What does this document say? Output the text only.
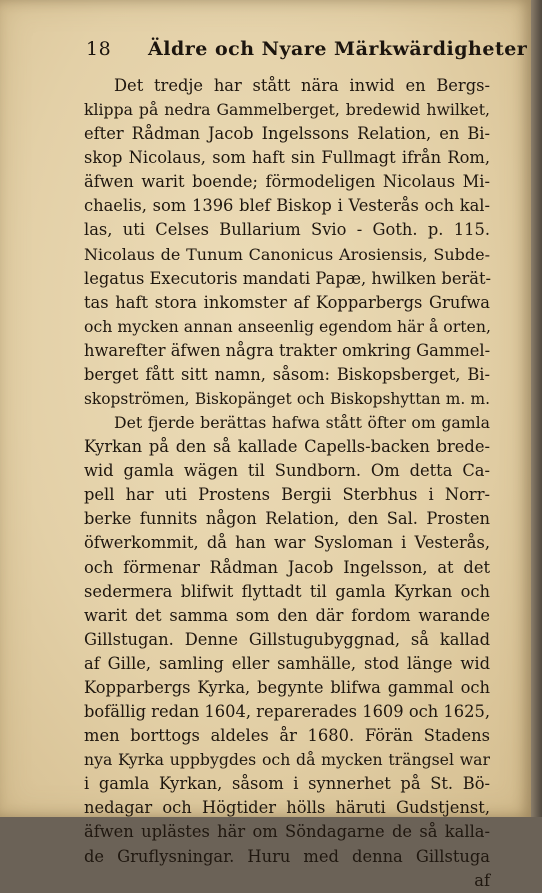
18 Äldre och Nyare Märkwärdigheter
Det tredje har stått nära inwid en Bergs-
klippa på nedra Gammelberget, bredewid hwilket,
efter Rådman Jacob Ingelssons Relation, en Bi-
skop Nicolaus, som haft sin Fullmagt ifrån Rom,
äfwen warit boende; förmodeligen Nicolaus Mi-
chaelis, som 1396 blef Biskop i Vesterås och kal-
las, uti Celses Bullarium Svio - Goth. p. 115.
Nicolaus de Tunum Canonicus Arosiensis, Subde-
legatus Executoris mandati Papæ, hwilken berät-
tas haft stora inkomster af Kopparbergs Grufwa
och mycken annan anseenlig egendom här å orten,
hwarefter äfwen några trakter omkring Gammel-
berget fått sitt namn, såsom: Biskopsberget, Bi-
skopströmen, Biskopänget och Biskopshyttan m. m.
Det fjerde berättas hafwa stått öfter om gamla
Kyrkan på den så kallade Capells-backen brede-
wid gamla wägen til Sundborn. Om detta Ca-
pell har uti Prostens Bergii Sterbhus i Norr-
berke funnits någon Relation, den Sal. Prosten
öfwerkommit, då han war Sysloman i Vesterås,
och förmenar Rådman Jacob Ingelsson, at det
sedermera blifwit flyttadt til gamla Kyrkan och
warit det samma som den där fordom warande
Gillstugan. Denne Gillstugubyggnad, så kallad
af Gille, samling eller samhälle, stod länge wid
Kopparbergs Kyrka, begynte blifwa gammal och
bofällig redan 1604, reparerades 1609 och 1625,
men borttogs aldeles år 1680. Förän Stadens
nya Kyrka uppbygdes och då mycken trängsel war
i gamla Kyrkan, såsom i synnerhet på St. Bö-
nedagar och Högtider hölls häruti Gudstjenst,
äfwen uplästes här om Söndagarne de så kalla-
de Gruflysningar. Huru med denna Gillstuga
af
